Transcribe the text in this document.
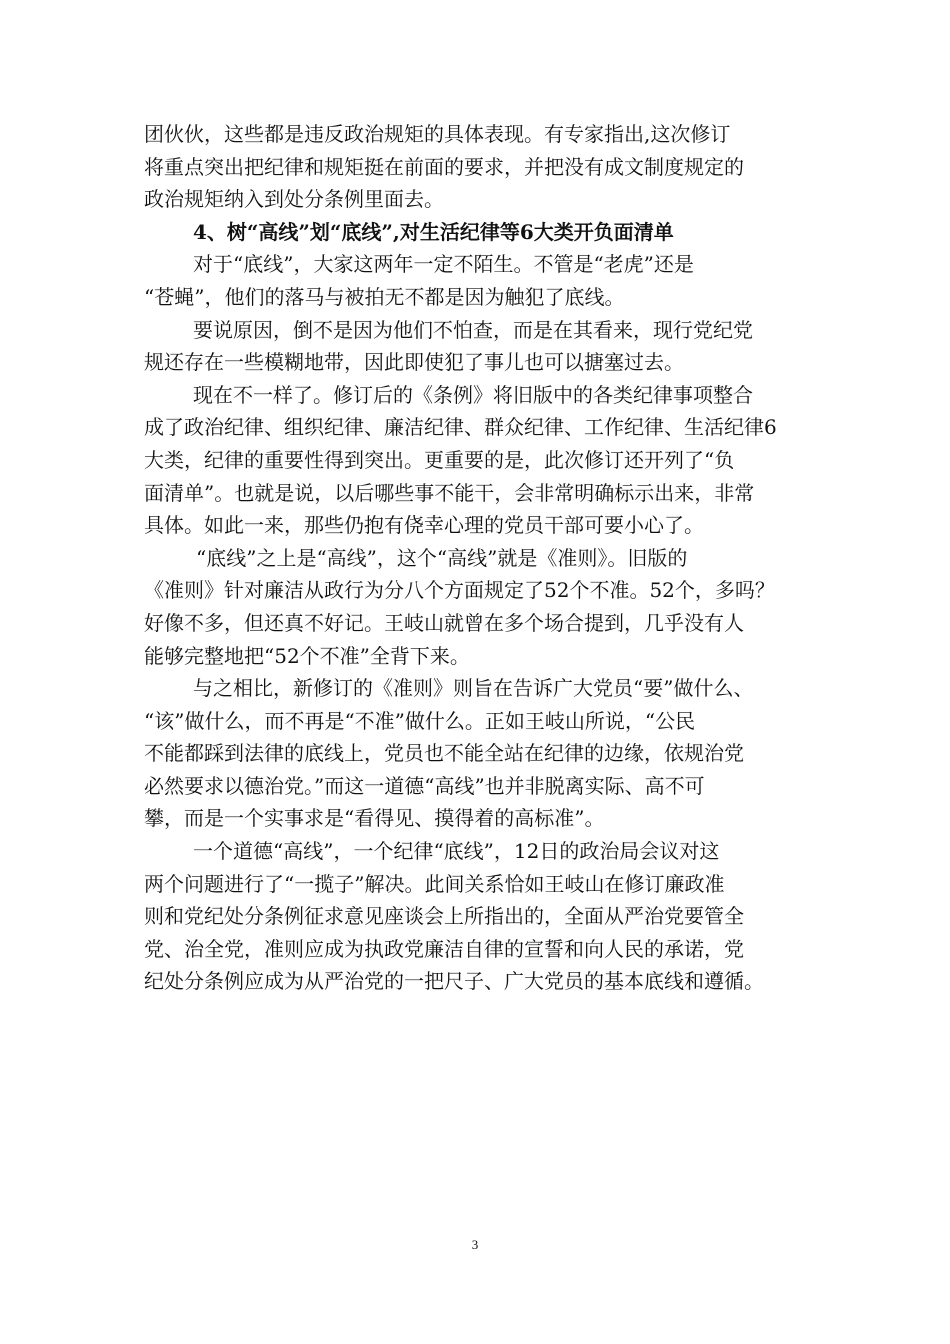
团伙伙，这些都是违反政治规矩的具体表现。有专家指出,这次修订
将重点突出把纪律和规矩挺在前面的要求，并把没有成文制度规定的
政治规矩纳入到处分条例里面去。
4、树“高线”划“底线”,对生活纪律等6大类开负面清单
对于“底线”，大家这两年一定不陌生。不管是“老虎”还是
“苍蝇”，他们的落马与被拍无不都是因为触犯了底线。
要说原因，倒不是因为他们不怕查，而是在其看来，现行党纪党
规还存在一些模糊地带，因此即使犯了事儿也可以搪塞过去。
现在不一样了。修订后的《条例》将旧版中的各类纪律事项整合
成了政治纪律、组织纪律、廉洁纪律、群众纪律、工作纪律、生活纪律6
大类，纪律的重要性得到突出。更重要的是，此次修订还开列了“负
面清单”。也就是说，以后哪些事不能干，会非常明确标示出来，非常
具体。如此一来，那些仍抱有侥幸心理的党员干部可要小心了。
“底线”之上是“高线”，这个“高线”就是《准则》。旧版的
《准则》针对廉洁从政行为分八个方面规定了52个不准。52个，多吗？
好像不多，但还真不好记。王岐山就曾在多个场合提到，几乎没有人
能够完整地把“52个不准”全背下来。
与之相比，新修订的《准则》则旨在告诉广大党员“要”做什么、
“该”做什么，而不再是“不准”做什么。正如王岐山所说，“公民
不能都踩到法律的底线上，党员也不能全站在纪律的边缘，依规治党
必然要求以德治党。”而这一道德“高线”也并非脱离实际、高不可
攀，而是一个实事求是“看得见、摸得着的高标准”。
一个道德“高线”，一个纪律“底线”，12日的政治局会议对这
两个问题进行了“一揽子”解决。此间关系恰如王岐山在修订廉政准
则和党纪处分条例征求意见座谈会上所指出的，全面从严治党要管全
党、治全党，准则应成为执政党廉洁自律的宣誓和向人民的承诺，党
纪处分条例应成为从严治党的一把尺子、广大党员的基本底线和遵循。
3
